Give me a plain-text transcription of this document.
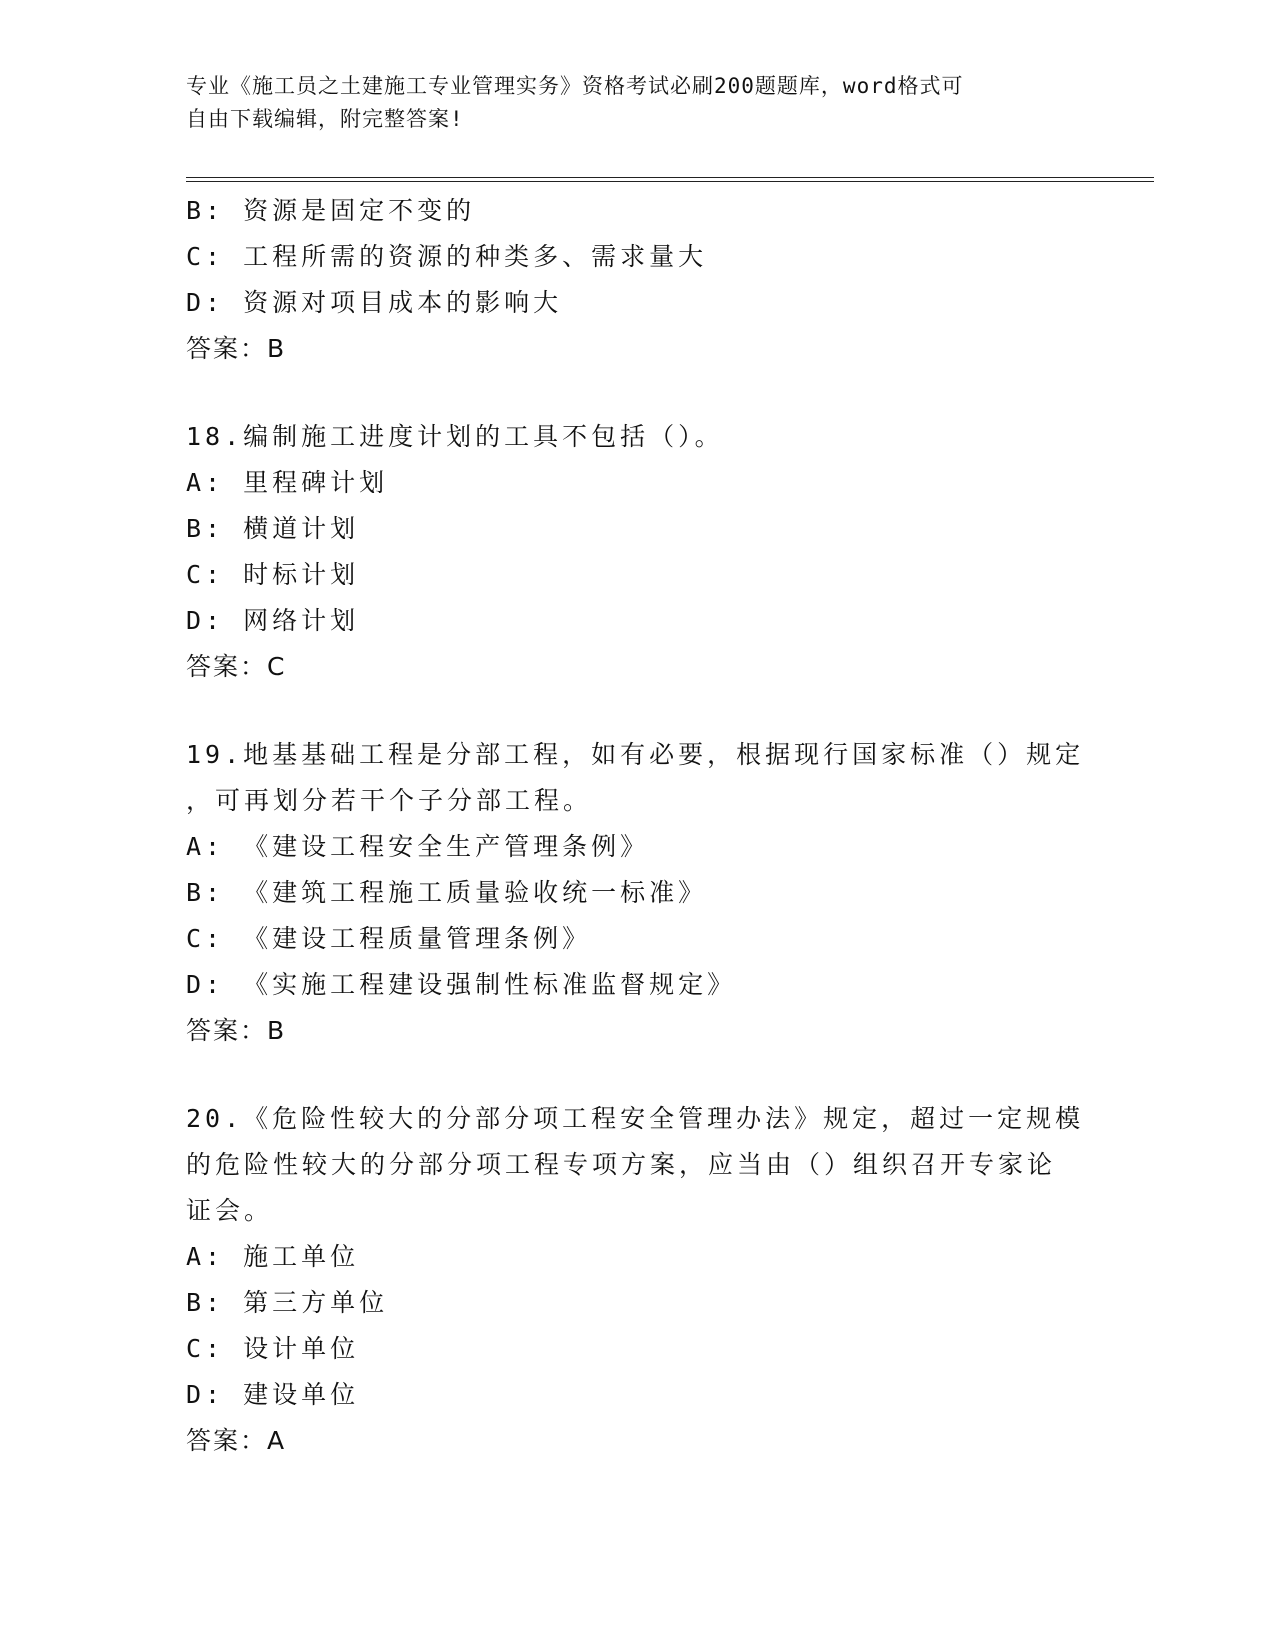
专业《施工员之土建施工专业管理实务》资格考试必刷200题题库，word格式可
自由下载编辑，附完整答案!
B: 资源是固定不变的
C: 工程所需的资源的种类多、需求量大
D: 资源对项目成本的影响大
答案：B
18.编制施工进度计划的工具不包括（）。
A: 里程碑计划
B: 横道计划
C: 时标计划
D: 网络计划
答案：C
19.地基基础工程是分部工程，如有必要，根据现行国家标准（）规定
，可再划分若干个子分部工程。
A: 《建设工程安全生产管理条例》
B: 《建筑工程施工质量验收统一标准》
C: 《建设工程质量管理条例》
D: 《实施工程建设强制性标准监督规定》
答案：B
20.《危险性较大的分部分项工程安全管理办法》规定，超过一定规模
的危险性较大的分部分项工程专项方案，应当由（）组织召开专家论
证会。
A: 施工单位
B: 第三方单位
C: 设计单位
D: 建设单位
答案：A
